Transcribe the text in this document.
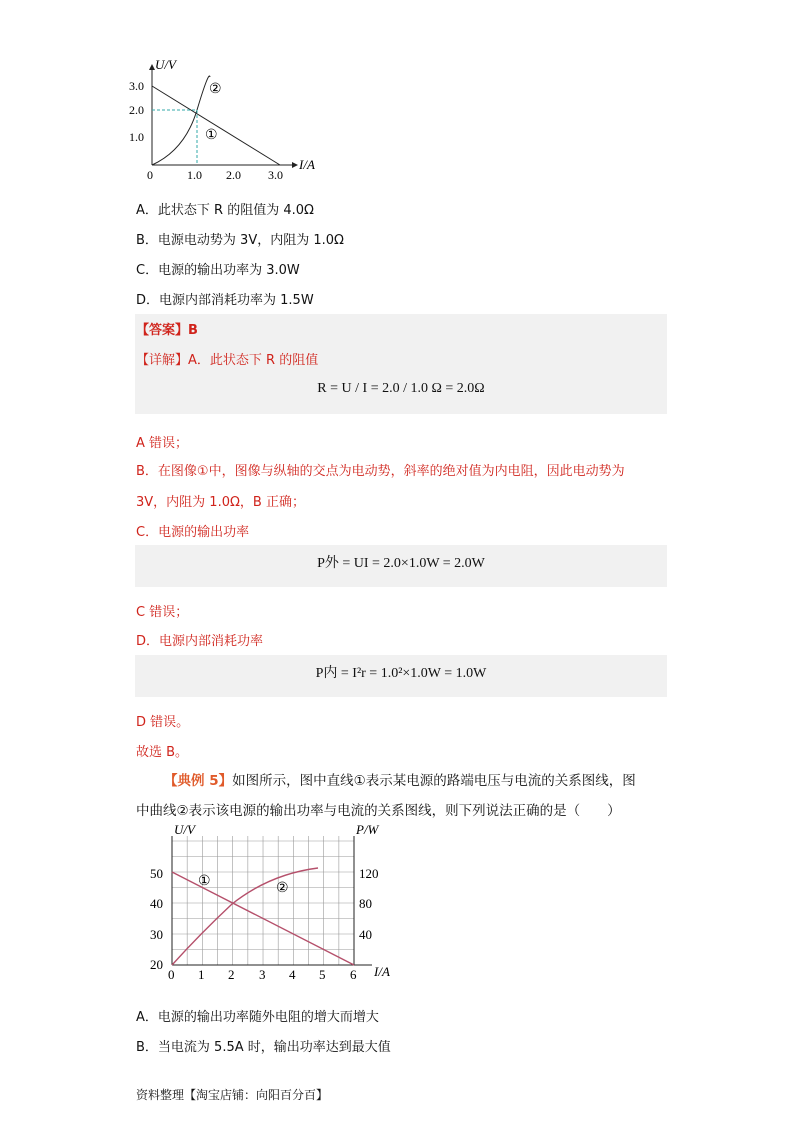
U/V
I/A
3.0
2.0
1.0
0	1.0 2.0 3.0
①
②
A．此状态下 R 的阻值为 4.0Ω
B．电源电动势为 3V，内阻为 1.0Ω
C．电源的输出功率为 3.0W
D．电源内部消耗功率为 1.5W
【答案】B
【详解】A．此状态下 R 的阻值
R = U / I = 2.0 / 1.0 Ω = 2.0Ω
A 错误；
B．在图像①中，图像与纵轴的交点为电动势，斜率的绝对值为内电阻，因此电动势为
3V，内阻为 1.0Ω，B 正确；
C．电源的输出功率
P外 = UI = 2.0×1.0W = 2.0W
C 错误；
D．电源内部消耗功率
P内 = I²r = 1.0²×1.0W = 1.0W
D 错误。
故选 B。
【典例 5】如图所示，图中直线①表示某电源的路端电压与电流的关系图线，图
中曲线②表示该电源的输出功率与电流的关系图线，则下列说法正确的是（　　）
U/V	P/W
I/A
50
40
30
20
120
80
40
0 1 2 3 4 5 6
①	②
A．电源的输出功率随外电阻的增大而增大
B．当电流为 5.5A 时，输出功率达到最大值
资料整理【淘宝店铺：向阳百分百】
